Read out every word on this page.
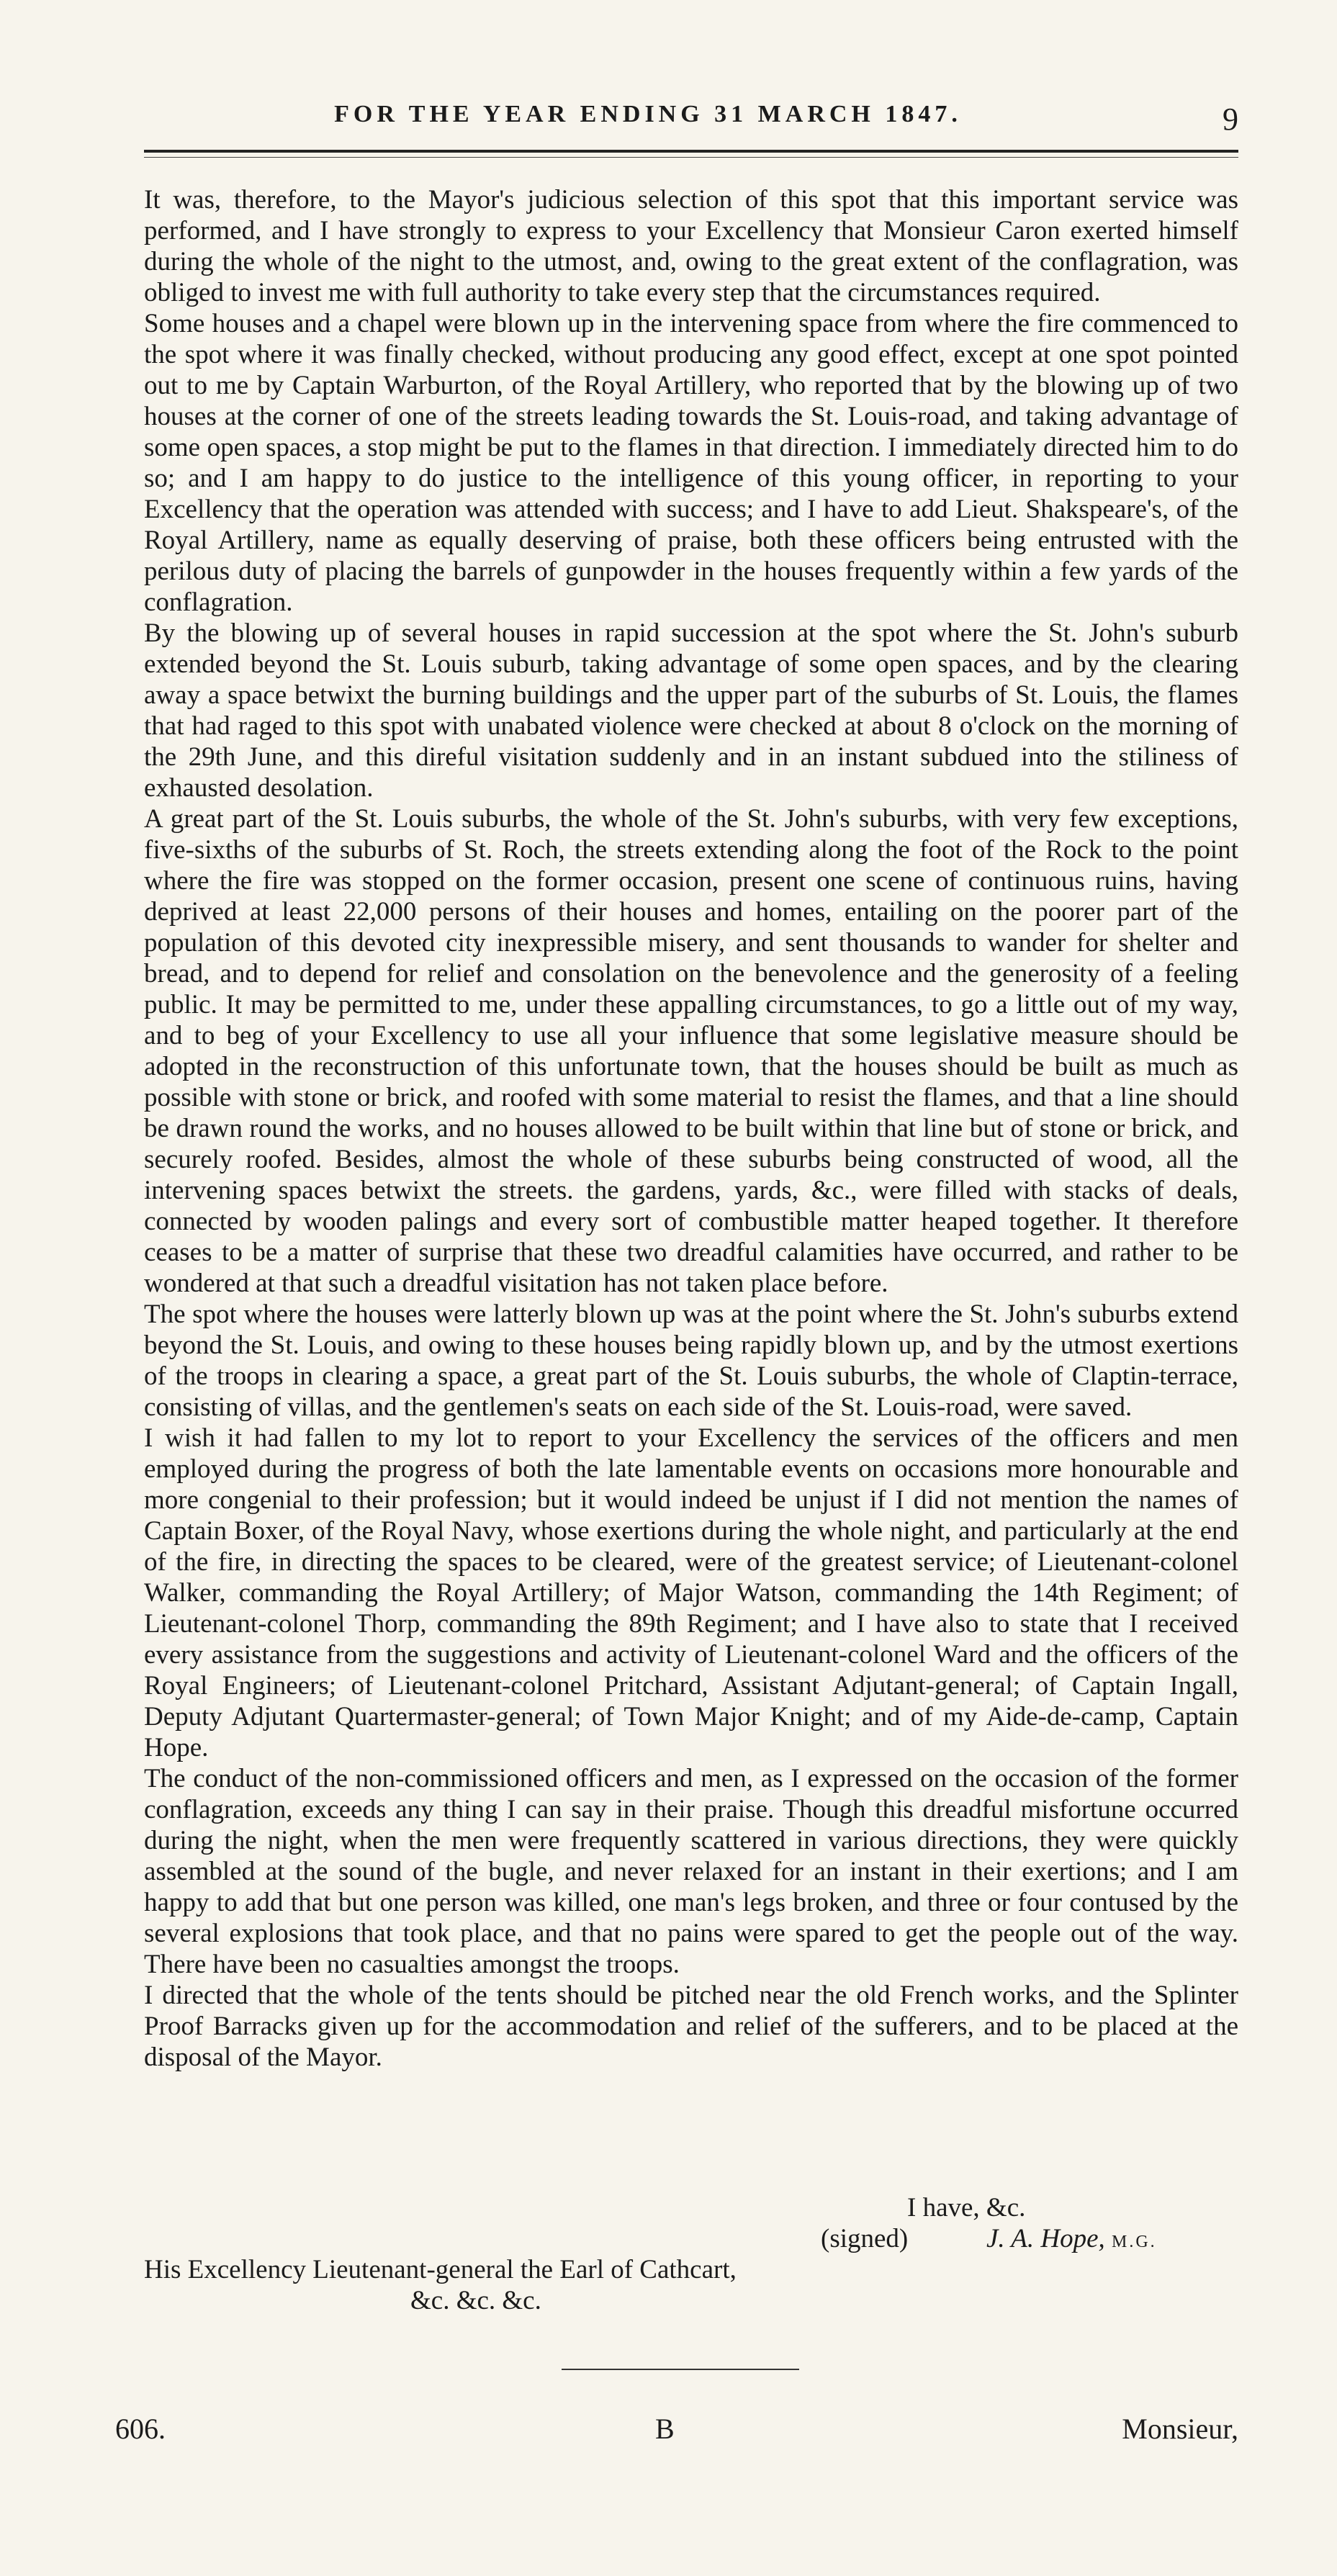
FOR THE YEAR ENDING 31 MARCH 1847.	9

It was, therefore, to the Mayor's judicious selection of this spot that this important service was performed, and I have strongly to express to your Excellency that Monsieur Caron exerted himself during the whole of the night to the utmost, and, owing to the great extent of the conflagration, was obliged to invest me with full authority to take every step that the circumstances required.

Some houses and a chapel were blown up in the intervening space from where the fire commenced to the spot where it was finally checked, without producing any good effect, except at one spot pointed out to me by Captain Warburton, of the Royal Artillery, who reported that by the blowing up of two houses at the corner of one of the streets leading towards the St. Louis-road, and taking advantage of some open spaces, a stop might be put to the flames in that direction. I immediately directed him to do so; and I am happy to do justice to the intelligence of this young officer, in reporting to your Excellency that the operation was attended with success; and I have to add Lieut. Shakspeare's, of the Royal Artillery, name as equally deserving of praise, both these officers being entrusted with the perilous duty of placing the barrels of gunpowder in the houses frequently within a few yards of the conflagration.

By the blowing up of several houses in rapid succession at the spot where the St. John's suburb extended beyond the St. Louis suburb, taking advantage of some open spaces, and by the clearing away a space betwixt the burning buildings and the upper part of the suburbs of St. Louis, the flames that had raged to this spot with unabated violence were checked at about 8 o'clock on the morning of the 29th June, and this direful visitation suddenly and in an instant subdued into the stiliness of exhausted desolation.

A great part of the St. Louis suburbs, the whole of the St. John's suburbs, with very few exceptions, five-sixths of the suburbs of St. Roch, the streets extending along the foot of the Rock to the point where the fire was stopped on the former occasion, present one scene of continuous ruins, having deprived at least 22,000 persons of their houses and homes, entailing on the poorer part of the population of this devoted city inexpressible misery, and sent thousands to wander for shelter and bread, and to depend for relief and consolation on the benevolence and the generosity of a feeling public. It may be permitted to me, under these appalling circumstances, to go a little out of my way, and to beg of your Excellency to use all your influence that some legislative measure should be adopted in the reconstruction of this unfortunate town, that the houses should be built as much as possible with stone or brick, and roofed with some material to resist the flames, and that a line should be drawn round the works, and no houses allowed to be built within that line but of stone or brick, and securely roofed. Besides, almost the whole of these suburbs being constructed of wood, all the intervening spaces betwixt the streets. the gardens, yards, &c., were filled with stacks of deals, connected by wooden palings and every sort of combustible matter heaped together. It therefore ceases to be a matter of surprise that these two dreadful calamities have occurred, and rather to be wondered at that such a dreadful visitation has not taken place before.

The spot where the houses were latterly blown up was at the point where the St. John's suburbs extend beyond the St. Louis, and owing to these houses being rapidly blown up, and by the utmost exertions of the troops in clearing a space, a great part of the St. Louis suburbs, the whole of Claptin-terrace, consisting of villas, and the gentlemen's seats on each side of the St. Louis-road, were saved.

I wish it had fallen to my lot to report to your Excellency the services of the officers and men employed during the progress of both the late lamentable events on occasions more honourable and more congenial to their profession; but it would indeed be unjust if I did not mention the names of Captain Boxer, of the Royal Navy, whose exertions during the whole night, and particularly at the end of the fire, in directing the spaces to be cleared, were of the greatest service; of Lieutenant-colonel Walker, commanding the Royal Artillery; of Major Watson, commanding the 14th Regiment; of Lieutenant-colonel Thorp, commanding the 89th Regiment; and I have also to state that I received every assistance from the suggestions and activity of Lieutenant-colonel Ward and the officers of the Royal Engineers; of Lieutenant-colonel Pritchard, Assistant Adjutant-general; of Captain Ingall, Deputy Adjutant Quartermaster-general; of Town Major Knight; and of my Aide-de-camp, Captain Hope.

The conduct of the non-commissioned officers and men, as I expressed on the occasion of the former conflagration, exceeds any thing I can say in their praise. Though this dreadful misfortune occurred during the night, when the men were frequently scattered in various directions, they were quickly assembled at the sound of the bugle, and never relaxed for an instant in their exertions; and I am happy to add that but one person was killed, one man's legs broken, and three or four contused by the several explosions that took place, and that no pains were spared to get the people out of the way. There have been no casualties amongst the troops.

I directed that the whole of the tents should be pitched near the old French works, and the Splinter Proof Barracks given up for the accommodation and relief of the sufferers, and to be placed at the disposal of the Mayor.

I have, &c.
(signed)	J. A. Hope, M.G.
His Excellency Lieutenant-general the Earl of Cathcart,
&c. &c. &c.
606.	B	Monsieur,
